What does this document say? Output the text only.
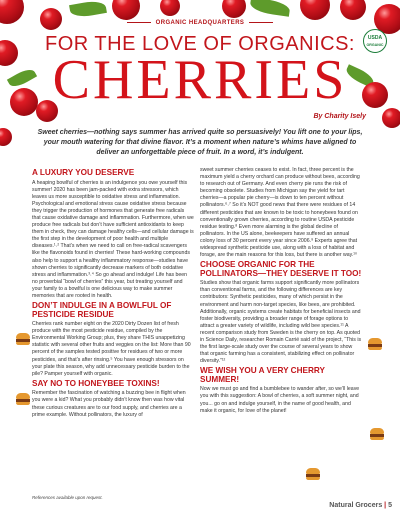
ORGANIC HEADQUARTERS
USDA
ORGANIC
FOR THE LOVE OF ORGANICS:
CHERRIES
By Charity Isely
Sweet cherries—nothing says summer has arrived quite so persuasively! You lift one to your lips, your mouth watering for that divine flavor. It’s a moment when nature’s whims have aligned to deliver an unforgettable piece of fruit. In a word, it’s indulgent.
A LUXURY YOU DESERVE

A heaping bowlful of cherries is an indulgence you owe yourself this summer! 2020 has been jam-packed with extra stressors, which leaves us more susceptible to oxidative stress and inflammation. Psychological and emotional stress cause oxidative stress because they trigger the production of hormones that generate free radicals that cause oxidative damage and inflammation. Furthermore, when we produce free radicals but don’t have sufficient antioxidants to keep them in check, they can damage healthy cells—and cellular damage is the first step in the development of poor health and multiple diseases.¹˒² That’s when we need to call on free-radical scavengers like the flavonoids found in cherries! These hard-working compounds also help to support a healthy inflammatory response—studies have shown cherries to significantly decrease markers of both oxidative stress and inflammation.³˒⁴ So go ahead and indulge! Life has been no proverbial “bowl of cherries” this year, but treating yourself and your family to a bowlful is one delicious way to make summer memories that are rooted in health.

DON’T INDULGE IN A BOWLFUL OF PESTICIDE RESIDUE

Cherries rank number eight on the 2020 Dirty Dozen list of fresh produce with the most pesticide residue, compiled by the Environmental Working Group; plus, they share THIS unappetizing statistic with several other fruits and veggies on the list: More than 90 percent of the samples tested positive for residues of two or more pesticides, and that’s after rinsing.⁵ You have enough stressors on your plate this season, why add unnecessary pesticide burden to the pile? Pamper yourself with organic.

SAY NO TO HONEYBEE TOXINS!

Remember the fascination of watching a buzzing bee in flight when you were a kid? What you probably didn’t know then was how vital these curious creatures are to our food supply, and cherries are a prime example. Without pollinators, the luxury of

sweet summer cherries ceases to exist. In fact, three percent is the maximum yield a cherry orchard can produce without bees, according to research out of Germany. And even cherry pie runs the risk of becoming obsolete. Studies from Michigan say the yield for tart cherries—a popular pie cherry—is down to ten percent without pollinators.⁶˒⁷ So it’s NOT good news that there were residues of 14 different pesticides that are known to be toxic to honeybees found on conventionally grown cherries, according to routine USDA pesticide residue testing.⁸ Even more alarming is the global decline of pollinators. In the US alone, beekeepers have suffered an annual colony loss of 30 percent every year since 2006.⁹ Experts agree that widespread synthetic pesticide use, along with a loss of habitat and forage, are the main reasons for this loss, but there is another way.¹⁰

CHOOSE ORGANIC FOR THE POLLINATORS—THEY DESERVE IT TOO!

Studies show that organic farms support significantly more pollinators than conventional farms, and the following differences are key contributors: Synthetic pesticides, many of which persist in the environment and harm non-target species, like bees, are prohibited. Additionally, organic systems create habitats for beneficial insects and foster biodiversity, providing a broader range of forage options to attract a greater variety of wildlife, including wild bee species.¹¹ A recent comparison study from Sweden is the cherry on top. As quoted in Science Daily, researcher Romain Carrié said of the project, “This is the first large-scale study over the course of several years to show that organic farming has a consistent, stabilizing effect on pollinator diversity.”¹²

WE WISH YOU A VERY CHERRY SUMMER!

Now we must go and find a bumblebee to wander after, so we’ll leave you with this suggestion: A bowl of cherries, a soft summer night, and you... go on and indulge yourself, in the name of good health, and make it organic, for love of the planet!

References available upon request.
Natural Grocers | 5
